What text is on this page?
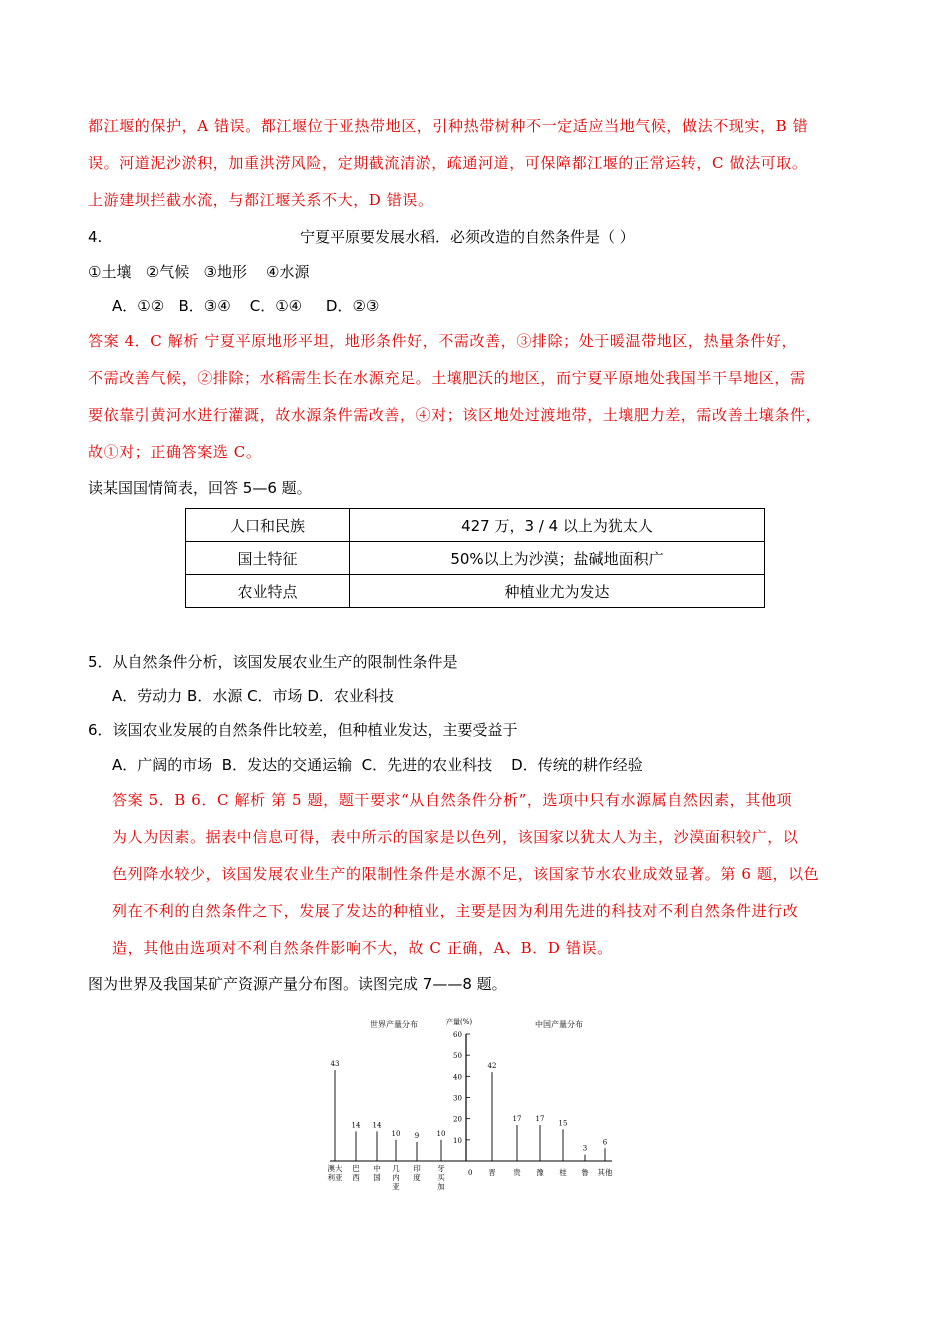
都江堰的保护，A 错误。都江堰位于亚热带地区，引种热带树种不一定适应当地气候，做法不现实，B 错
误。河道泥沙淤积，加重洪涝风险，定期截流清淤，疏通河道，可保障都江堰的正常运转，C 做法可取。
上游建坝拦截水流，与都江堰关系不大，D 错误。
4.	宁夏平原要发展水稻．必须改造的自然条件是（ ）
①土壤   ②气候   ③地形    ④水源
A．①②   B．③④    C．①④     D．②③
答案 4．C 解析 宁夏平原地形平坦，地形条件好，不需改善，③排除；处于暖温带地区，热量条件好，
不需改善气候，②排除；水稻需生长在水源充足。土壤肥沃的地区，而宁夏平原地处我国半干旱地区，需
要依靠引黄河水进行灌溉，故水源条件需改善，④对；该区地处过渡地带，土壤肥力差，需改善土壤条件，
故①对；正确答案选 C。
读某国国情简表，回答 5—6 题。
人口和民族	427 万，3 / 4 以上为犹太人
国土特征	50%以上为沙漠；盐碱地面积广
农业特点	种植业尤为发达
5．从自然条件分析，该国发展农业生产的限制性条件是
A．劳动力 B．水源 C．市场 D．农业科技
6．该国农业发展的自然条件比较差，但种植业发达，主要受益于
A．广阔的市场  B．发达的交通运输  C．先进的农业科技    D．传统的耕作经验
答案 5．B 6．C 解析 第 5 题，题干要求“从自然条件分析”，选项中只有水源属自然因素，其他项
为人为因素。据表中信息可得，表中所示的国家是以色列，该国家以犹太人为主，沙漠面积较广，以
色列降水较少，该国发展农业生产的限制性条件是水源不足，该国家节水农业成效显著。第 6 题，以色
列在不利的自然条件之下，发展了发达的种植业，主要是因为利用先进的科技对不利自然条件进行改
造，其他由选项对不利自然条件影响不大，故 C 正确，A、B．D 错误。
图为世界及我国某矿产资源产量分布图。读图完成 7——8 题。
世界产量分布	中国产量分布
产量(%)
60
50
40
30
20
10
0
43
澳大利亚
14
巴西
14
中国
10
几内亚
9
印度
10
牙买加
42
晋
17
贵
17
豫
15
桂
3
鲁
6
其他
